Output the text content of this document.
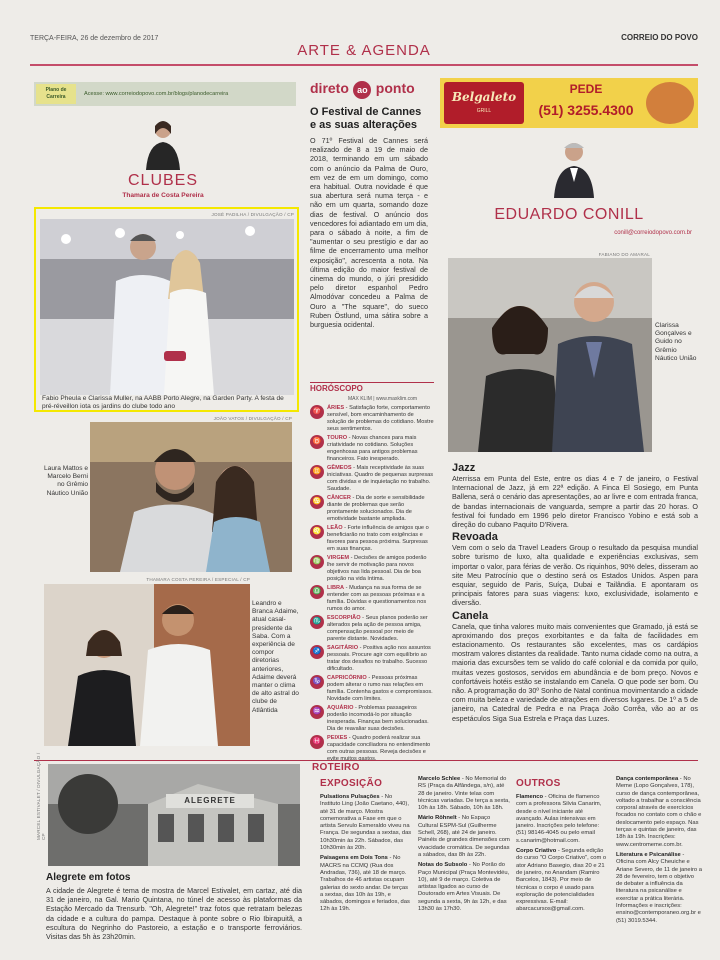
TERÇA-FEIRA, 26 de dezembro de 2017	CORREIO DO POVO
ARTE & AGENDA
Plano de Carreira	Acesse: www.correiodopovo.com.br/blogs/planodecarreira
CLUBES
Thamara de Costa Pereira
JOSÉ PADILHA / DIVULGAÇÃO / CP
Fabio Pheula e Clarissa Muller, na AABB Porto Alegre, na Garden Party. A festa de pré-réveillon iota os jardins do clube todo ano
JOÃO VATOS / DIVULGAÇÃO / CP
Laura Mattos e Marcelo Berni no Grêmio Náutico União
THAMARA COSTA PEREIRA / ESPECIAL / CP
Leandro e Branca Adaime, atual casal-presidente da Saba. Com a experiência de compor diretorias anteriores, Adaime deverá manter o clima de alto astral do clube de Atlântida
direto ao ponto
O Festival de Cannes e as suas alterações
O 71º Festival de Cannes será realizado de 8 a 19 de maio de 2018, terminando em um sábado com o anúncio da Palma de Ouro, em vez de em um domingo, como era habitual. Outra novidade é que sua abertura será numa terça - e não em um quarta, somando doze dias de festival. O anúncio dos vencedores foi adiantado em um dia, para o sábado à noite, a fim de "aumentar o seu prestígio e dar ao filme de encerramento uma melhor exposição", acrescenta a nota. Na última edição do maior festival de cinema do mundo, o júri presidido pelo diretor espanhol Pedro Almodóvar concedeu a Palma de Ouro a "The square", do sueco Ruben Östlund, uma sátira sobre a burguesia ocidental.
HORÓSCOPO
MAX KLIM | www.maxklim.com
♈	ÁRIES - Satisfação forte, comportamento sensível, bom encaminhamento de solução de problemas do cotidiano. Mostre seus sentimentos.
♉	TOURO - Novas chances para mais criatividade no cotidiano. Soluções engenhosas para antigos problemas financeiros. Fato inesperado.
♊	GÊMEOS - Mais receptividade às suas iniciativas. Quadro de pequenas surpresas com dividas e de inquietação no trabalho. Saudade.
♋	CÂNCER - Dia de sorte e sensibilidade diante de problemas que serão prontamente solucionados. Dia de emotividade bastante ampliada.
♌	LEÃO - Forte influência de amigos que o beneficiarão no trato com exigências e favores para pessoa próxima. Surpresas em suas finanças.
♍	VIRGEM - Decisões de amigos poderão lhe servir de motivação para novos objetivos nas lida pessoal. Dia de boa posição na vida íntima.
♎	LIBRA - Mudança na sua forma de se entender com as pessoas próximas e a família. Dúvidas e questionamentos nos rumos do amor.
♏	ESCORPIÃO - Seus planos poderão ser alterados pela ação de pessoa amiga, compensação pessoal por meio de parente distante. Novidades.
♐	SAGITÁRIO - Positiva ação nos assuntos pessoais. Procure agir com equilíbrio ao tratar dos desafios no trabalho. Sucesso dificultado.
♑	CAPRICÓRNIO - Pessoas próximas podem alterar o rumo nas relações em família. Contenha gastos e compromissos. Novidade com limites.
♒	AQUÁRIO - Problemas passageiros poderão incomodá-lo por situação inesperada. Finanças bem solucionadas. Dia de reavaliar suas decisões.
♓	PEIXES - Quadro poderá realizar sua capacidade conciliadora no entendimento com outras pessoas. Reveja decisões e evite muitos gastos.
Belgaleto
GRILL
PEDE
(51) 3255.4300
EDUARDO CONILL
conill@correiodopovo.com.br
FABIANO DO AMARAL
Clarissa Gonçalves e Guido no Grêmio Náutico União
Jazz
Aterrissa em Punta del Este, entre os dias 4 e 7 de janeiro, o Festival Internacional de Jazz, já em 22ª edição. A Finca El Sosiego, em Punta Ballena, será o cenário das apresentações, ao ar livre e com entrada franca, de bandas internacionais de vanguarda, sempre a partir das 20 horas. O festival foi fundado em 1996 pelo diretor Francisco Yobino e está sob a direção do cubano Paquito D'Rivera.
Revoada
Vem com o selo da Travel Leaders Group o resultado da pesquisa mundial sobre turismo de luxo, alta qualidade e experiências exclusivas, sem importar o valor, para férias de verão. Os riquinhos, 90% deles, disseram ao site Meu Patrocínio que o destino será os Estados Unidos. Aspen para esquiar, seguido de Paris, Suíça, Dubai e Tailândia. E apontaram os principais fatores para suas viagens: luxo, exclusividade, isolamento e diversão.
Canela
Canela, que tinha valores muito mais convenientes que Gramado, já está se aproximando dos preços exorbitantes e da falta de facilidades em estacionamento. Os restaurantes são excelentes, mas os cardápios mostram valores distantes da realidade. Tanto numa cidade como na outra, a maioria das excursões tem se valido do café colonial e da comida por quilo, muitas vezes gostosos, servidos em abundância e de bom preço. Novos e confortáveis hotéis estão se instalando em Canela. O que pode ser bom. Ou não. A programação do 30º Sonho de Natal continua movimentando a cidade com muita beleza e variedade de atrações em diversos lugares. De 1º a 5 de janeiro, na Catedral de Pedra e na Praça João Corrêa, vão ao ar os espetáculos Siga Sua Estrela e Praça das Luzes.
ROTEIRO
MARCEL ESTIVALET / DIVULGAÇÃO / CP
ALEGRETE
Alegrete em fotos
A cidade de Alegrete é tema de mostra de Marcel Estivalet, em cartaz, até dia 31 de janeiro, na Gal. Mario Quintana, no túnel de acesso às plataformas da Estação Mercado da Trensurb. "Oh, Alegrete!" traz fotos que retratam belezas da cidade e a cultura do pampa. Destaque à ponte sobre o Rio Ibirapuitã, a escultura do Negrinho do Pastoreio, a estação e o transporte ferroviários. Visitas das 5h às 23h20min.
EXPOSIÇÃO
Pulsations Pulsações - No Instituto Ling (João Caetano, 440), até 31 de março. Mostra comemorativa a Fase em que o artista Servulo Esmeraldo viveu na França. De segundas a sextas, das 10h30min às 22h. Sábados, das 10h30min às 20h.
Paisagens em Dois Tons - No MACRS na CCMQ (Rua dos Andradas, 736), até 18 de março. Trabalhos de 46 artistas ocupam galerias do sexto andar. De terças a sextas, das 10h às 19h, e sábados, domingos e feriados, das 12h às 19h.
Marcelo Schlee - No Memorial do RS (Praça da Alfândega, s/n), até 28 de janeiro. Vinte telas com técnicas variadas. De terça a sexta, 10h às 18h. Sábado, 10h às 18h.
Mário Röhnelt - No Espaço Cultural ESPM-Sul (Guilherme Schell, 268), até 24 de janeiro. Painéis de grandes dimensões com vivacidade cromática. De segundas a sábados, das 8h às 22h.
Notas do Subsolo - No Porão do Paço Municipal (Praça Montevidéu, 10), até 9 de março. Coletiva de artistas ligados ao curso de Doutorado em Artes Visuais. De segunda a sexta, 9h às 12h, e das 13h30 às 17h30.
OUTROS
Flamenco - Oficina de flamenco com a professora Silvia Canarim, desde o nível iniciante até avançado. Aulas intensivas em janeiro. Inscrições pelo telefone: (51) 98146-4045 ou pelo email s.canarim@hotmail.com.
Corpo Criativo - Segunda edição do curso "O Corpo Criativo", com o ator Adriano Basegio, dias 20 e 21 de janeiro, no Anandam (Ramiro Barcelos, 1843). Por meio de técnicas o corpo é usado para exploração de potencialidades expressivas. E-mail: abarcacursos@gmail.com.
Dança contemporânea - No Meme (Lopo Gonçalves, 178), curso de dança contemporânea, voltado a trabalhar a consciência corporal através de exercícios focados no contato com o chão e deslocamento pelo espaço. Nas terças e quintas de janeiro, das 18h às 19h. Inscrições: www.centromeme.com.br.
Literatura e Psicanálise - Oficina com Alcy Cheuiche e Ariane Severo, de 11 de janeiro a 28 de fevereiro, tem o objetivo de debater a influência da literatura na psicanálise e exercitar a prática literária. Informações e inscrições: ensino@contemporaneo.org.br e (51) 3019.5344.
